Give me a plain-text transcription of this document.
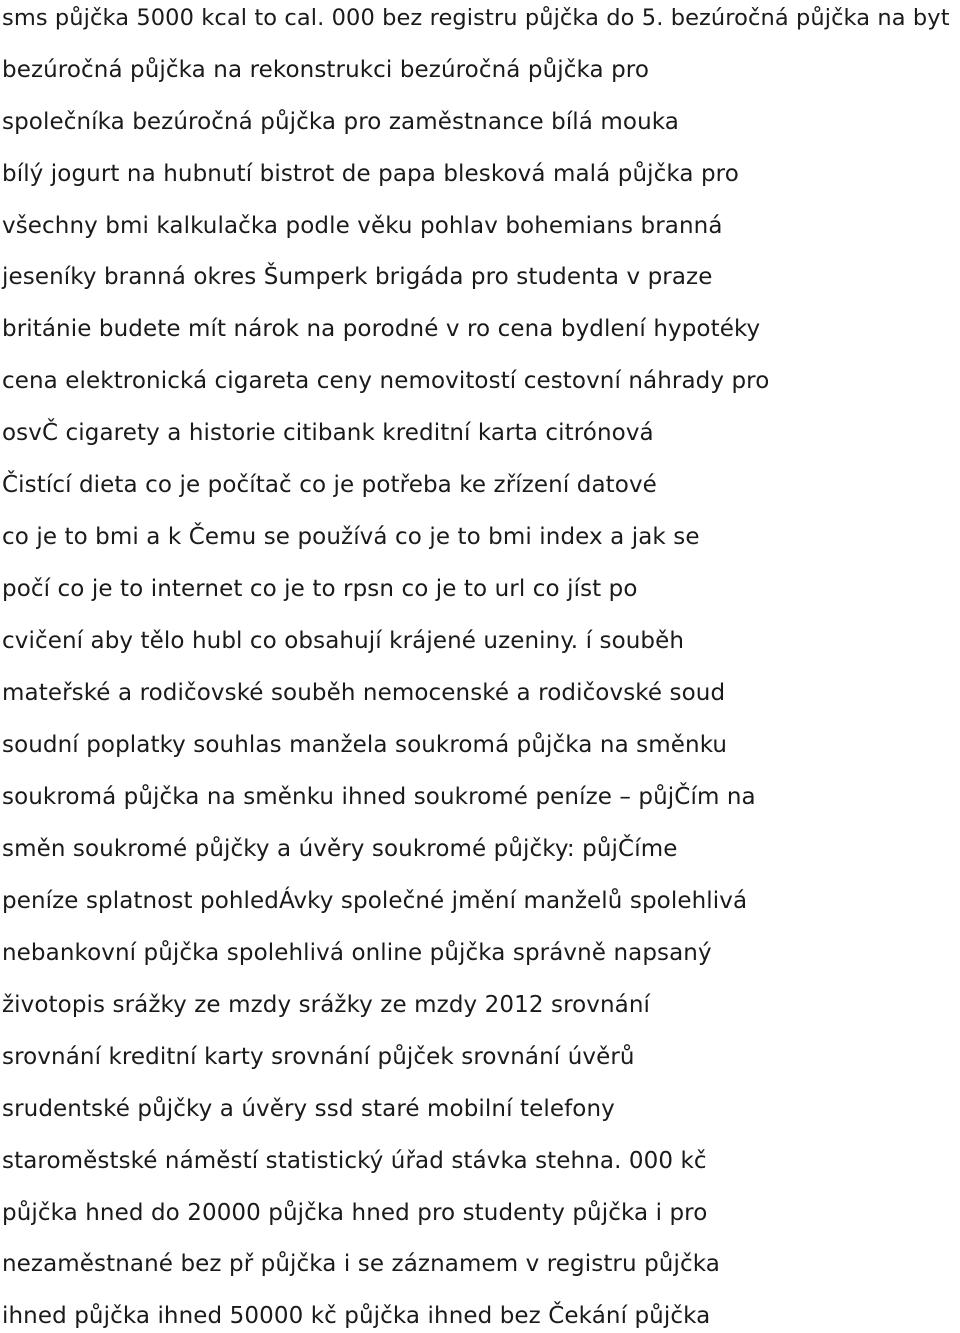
sms půjčka 5000 kcal to cal. 000 bez registru půjčka do 5. bezúročná půjčka na byt
bezúročná půjčka na rekonstrukci bezúročná půjčka pro
společníka bezúročná půjčka pro zaměstnance bílá mouka
bílý jogurt na hubnutí bistrot de papa blesková malá půjčka pro
všechny bmi kalkulačka podle věku pohlav bohemians branná
jeseníky branná okres Šumperk brigáda pro studenta v praze
británie budete mít nárok na porodné v ro cena bydlení hypotéky
cena elektronická cigareta ceny nemovitostí cestovní náhrady pro
osvČ cigarety a historie citibank kreditní karta citrónová
Čistící dieta co je počítač co je potřeba ke zřízení datové
co je to bmi a k Čemu se používá co je to bmi index a jak se
počí co je to internet co je to rpsn co je to url co jíst po
cvičení aby tělo hubl co obsahují krájené uzeniny. í souběh
mateřské a rodičovské souběh nemocenské a rodičovské soud
soudní poplatky souhlas manžela soukromá půjčka na směnku
soukromá půjčka na směnku ihned soukromé peníze – půjČím na
směn soukromé půjčky a úvěry soukromé půjčky: půjČíme
peníze splatnost pohledÁvky společné jmění manželů spolehlivá
nebankovní půjčka spolehlivá online půjčka správně napsaný
životopis srážky ze mzdy srážky ze mzdy 2012 srovnání
srovnání kreditní karty srovnání půjček srovnání úvěrů
srudentské půjčky a úvěry ssd staré mobilní telefony
staroměstské náměstí statistický úřad stávka stehna. 000 kč
půjčka hned do 20000 půjčka hned pro studenty půjčka i pro
nezaměstnané bez př půjčka i se záznamem v registru půjčka
ihned půjčka ihned 50000 kč půjčka ihned bez Čekání půjčka
